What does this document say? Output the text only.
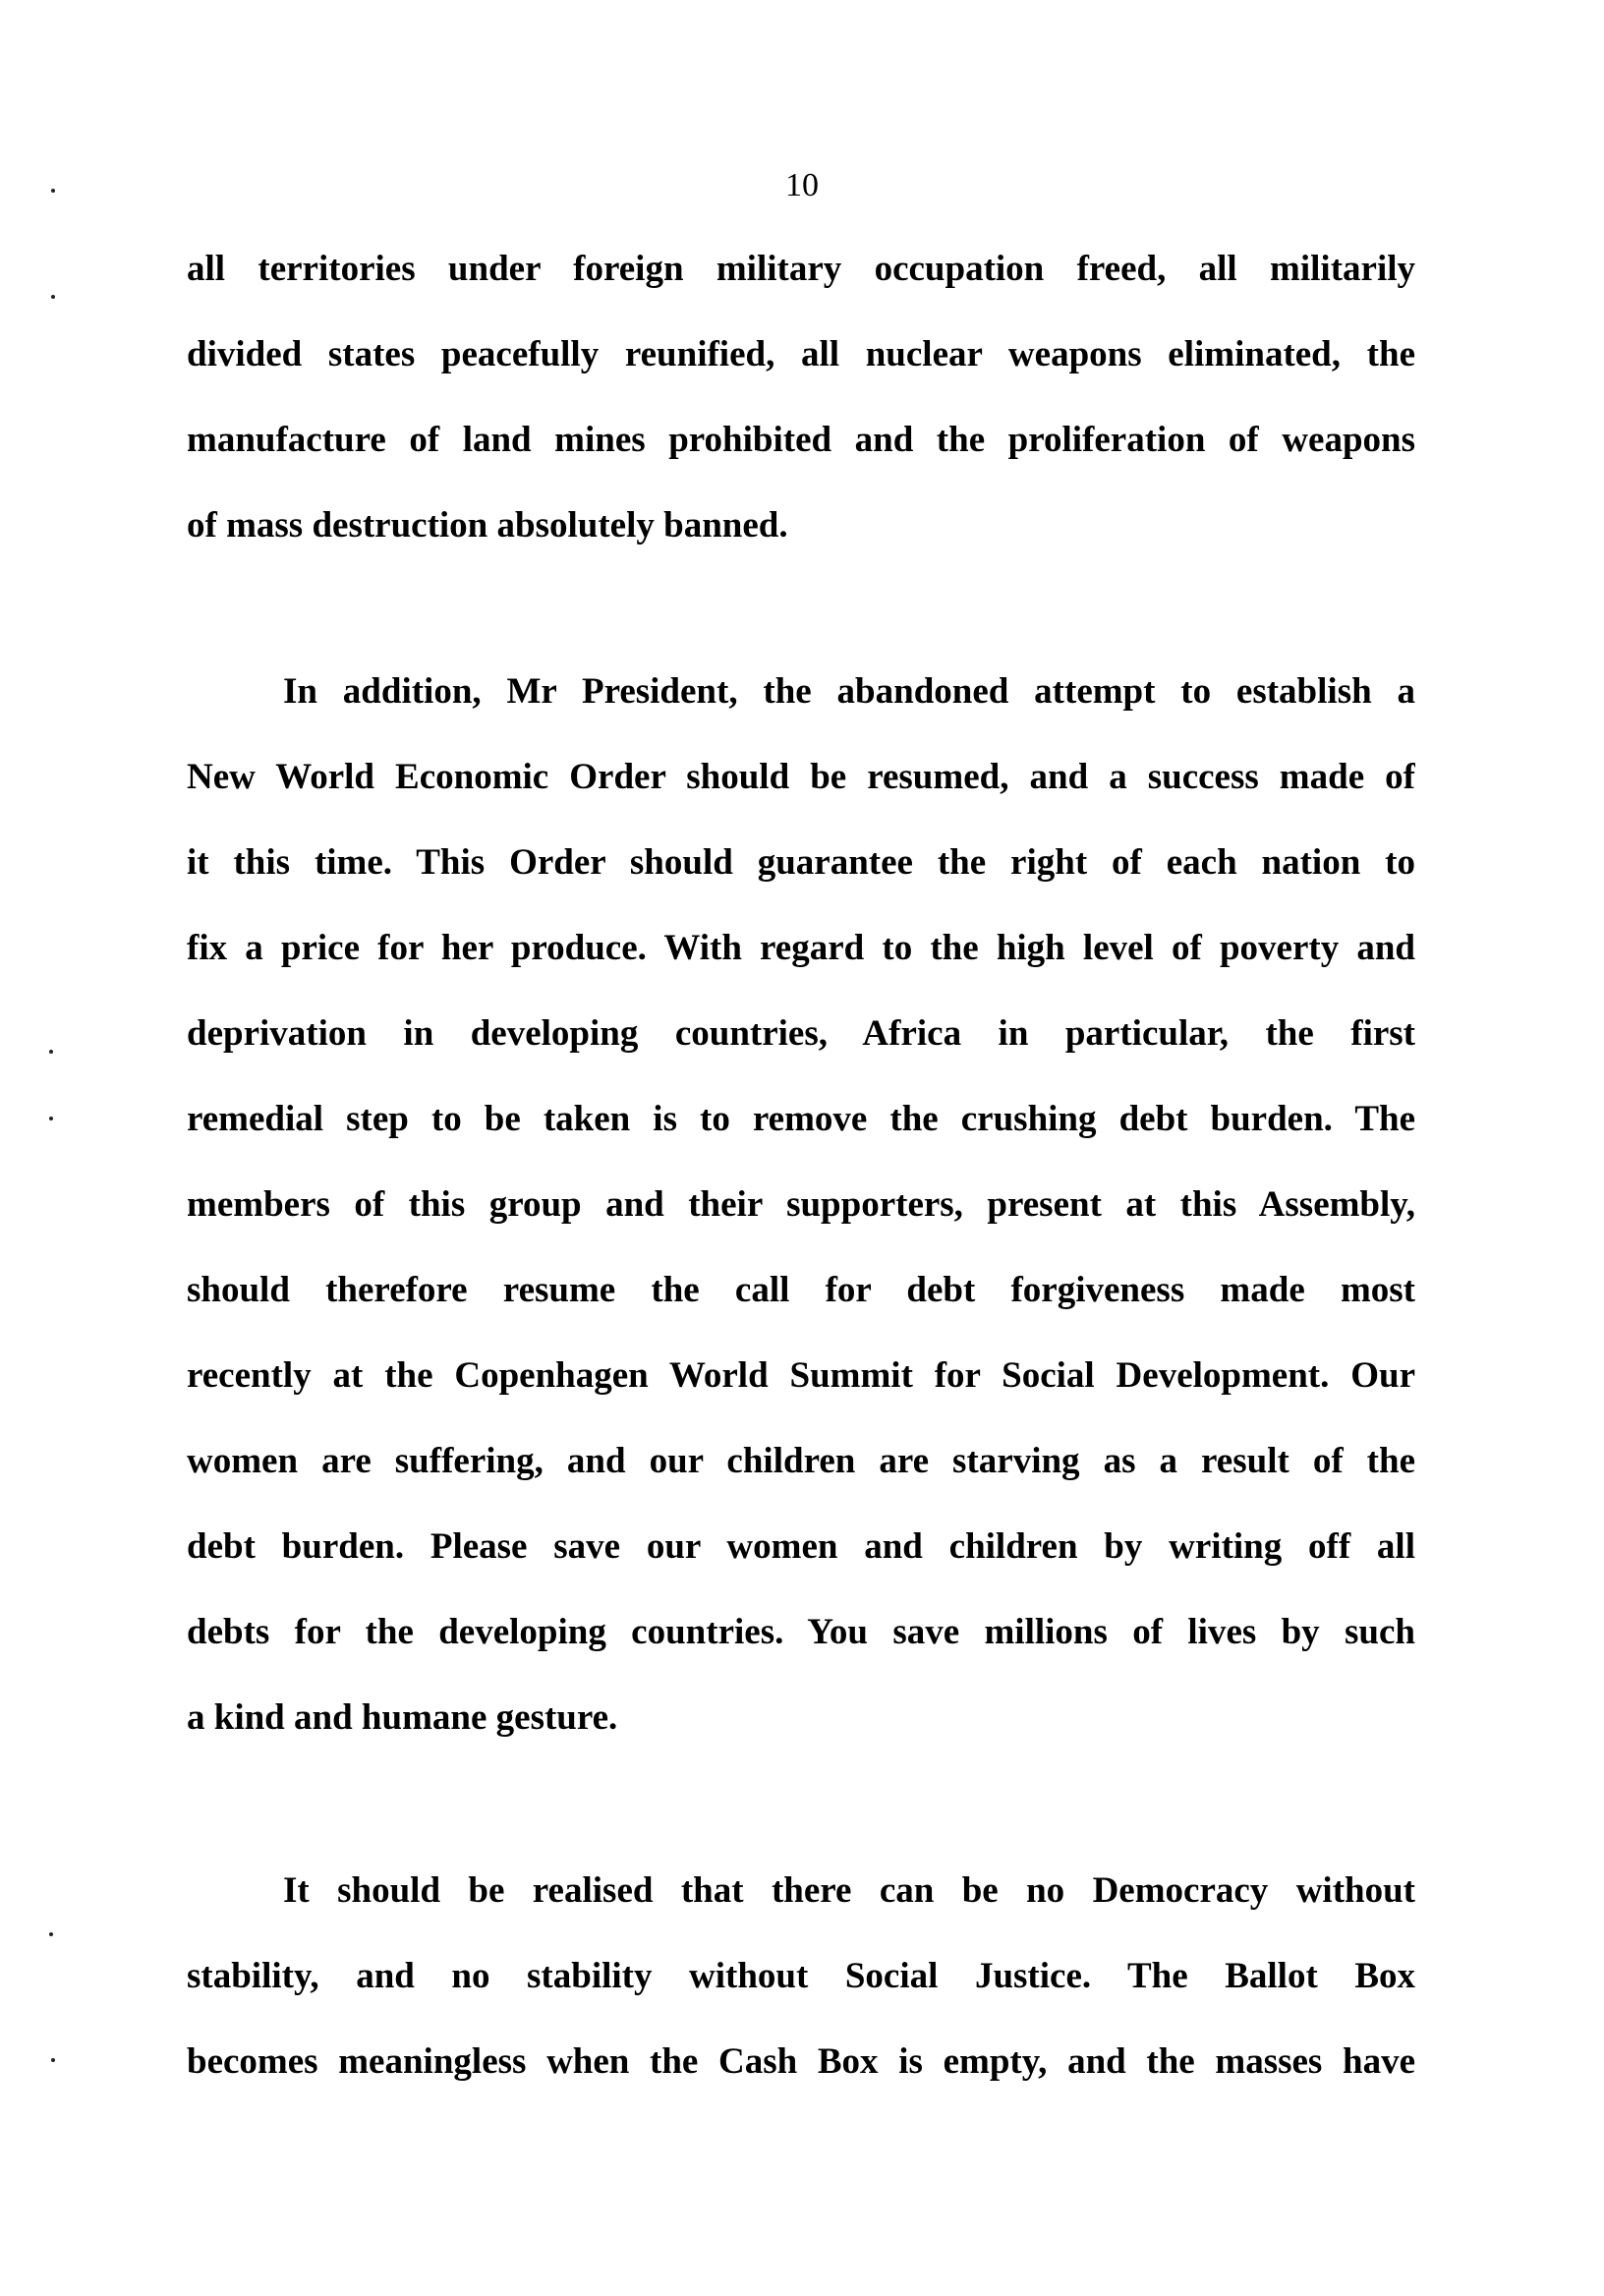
10
all territories under foreign military occupation freed, all militarily
divided states peacefully reunified, all nuclear weapons eliminated, the
manufacture of land mines prohibited and the proliferation of weapons
of mass destruction absolutely banned.
In addition, Mr President, the abandoned attempt to establish a
New World Economic Order should be resumed, and a success made of
it this time. This Order should guarantee the right of each nation to
fix a price for her produce. With regard to the high level of poverty and
deprivation in developing countries, Africa in particular, the first
remedial step to be taken is to remove the crushing debt burden. The
members of this group and their supporters, present at this Assembly,
should therefore resume the call for debt forgiveness made most
recently at the Copenhagen World Summit for Social Development. Our
women are suffering, and our children are starving as a result of the
debt burden. Please save our women and children by writing off all
debts for the developing countries. You save millions of lives by such
a kind and humane gesture.
It should be realised that there can be no Democracy without
stability, and no stability without Social Justice. The Ballot Box
becomes meaningless when the Cash Box is empty, and the masses have
